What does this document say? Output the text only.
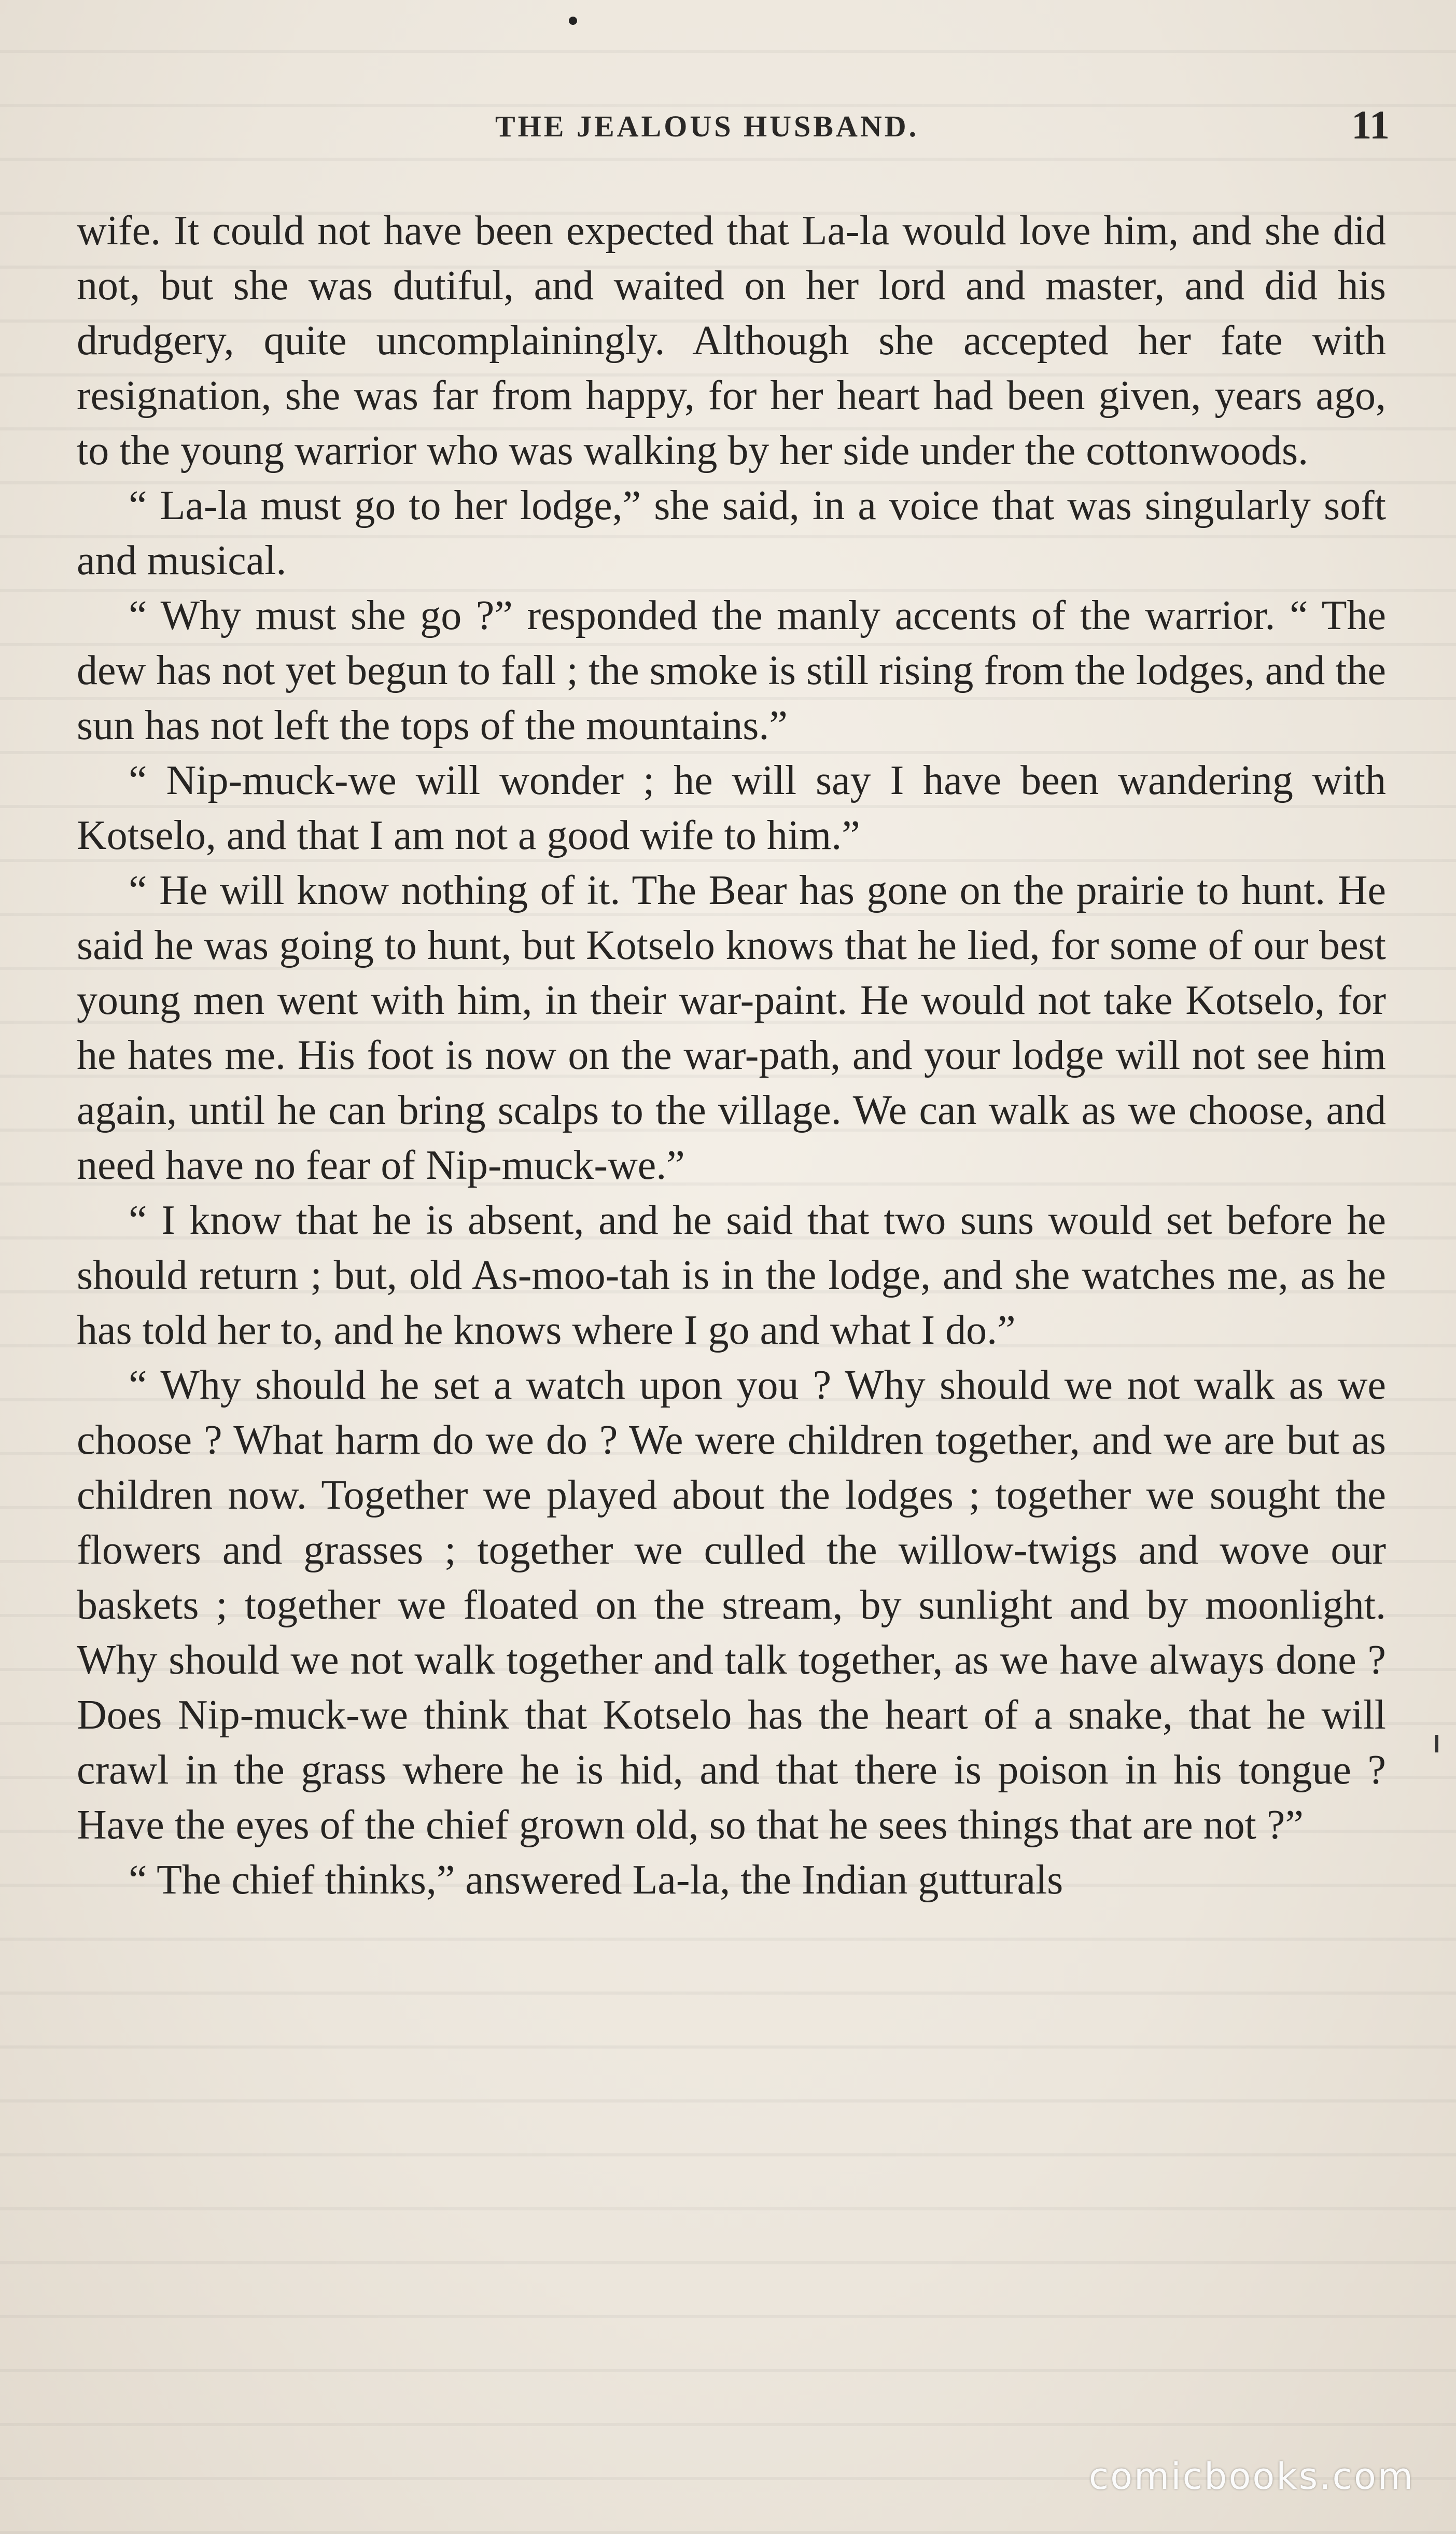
THE JEALOUS HUSBAND.	11

wife. It could not have been expected that La-la would love him, and she did not, but she was dutiful, and waited on her lord and master, and did his drudgery, quite uncomplainingly. Although she accepted her fate with resignation, she was far from happy, for her heart had been given, years ago, to the young warrior who was walking by her side under the cottonwoods.

“ La-la must go to her lodge,” she said, in a voice that was singularly soft and musical.

“ Why must she go ?” responded the manly accents of the warrior. “ The dew has not yet begun to fall ; the smoke is still rising from the lodges, and the sun has not left the tops of the mountains.”

“ Nip-muck-we will wonder ; he will say I have been wandering with Kotselo, and that I am not a good wife to him.”

“ He will know nothing of it. The Bear has gone on the prairie to hunt. He said he was going to hunt, but Kotselo knows that he lied, for some of our best young men went with him, in their war-paint. He would not take Kotselo, for he hates me. His foot is now on the war-path, and your lodge will not see him again, until he can bring scalps to the village. We can walk as we choose, and need have no fear of Nip-muck-we.”

“ I know that he is absent, and he said that two suns would set before he should return ; but, old As-moo-tah is in the lodge, and she watches me, as he has told her to, and he knows where I go and what I do.”

“ Why should he set a watch upon you ? Why should we not walk as we choose ? What harm do we do ? We were children together, and we are but as children now. Together we played about the lodges ; together we sought the flowers and grasses ; together we culled the willow-twigs and wove our baskets ; together we floated on the stream, by sunlight and by moonlight. Why should we not walk together and talk together, as we have always done ? Does Nip-muck-we think that Kotselo has the heart of a snake, that he will crawl in the grass where he is hid, and that there is poison in his tongue ? Have the eyes of the chief grown old, so that he sees things that are not ?”

“ The chief thinks,” answered La-la, the Indian gutturals

comicbooks.com
